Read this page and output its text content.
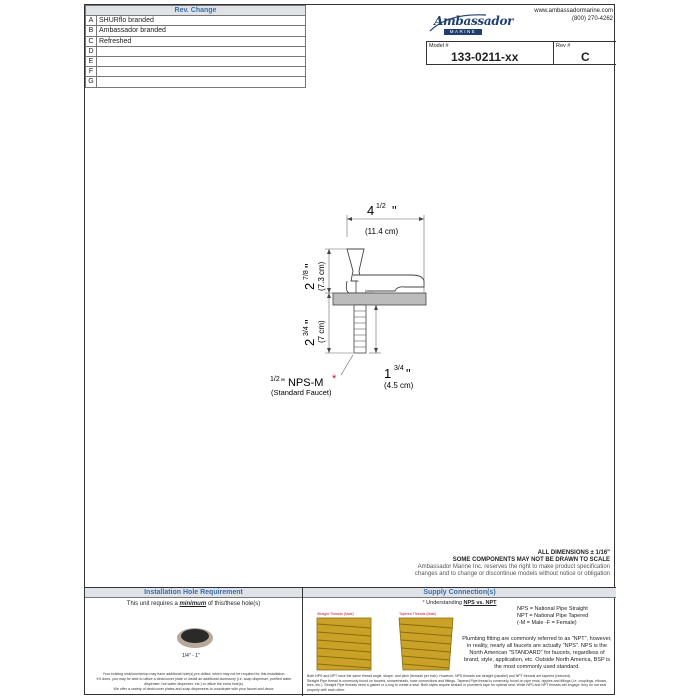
Rev. Change	
A	SHURflo branded
B	Ambassador branded
C	Refreshed
D	
E	
F	
G	
Ambassador
MARINE
www.ambassadormarine.com
(800) 270-4262
Model #
133-0211-xx
Rev #
C
4 1/2 "
(11.4 cm)
2
7/8
" (7.3 cm)
2
3/4
" (7 cm)
1 3/4 "
(4.5 cm)
1/2 " NPS-M *
(Standard Faucet)
ALL DIMENSIONS ± 1/16"
SOME COMPONENTS MAY NOT BE DRAWN TO SCALE
Ambassador Marine Inc. reserves the right to make product specification
changes and to change or discontinue models without notice or obligation
Installation Hole Requirement
This unit requires a minimum of this/these hole(s)
1/4" - 1"
Your existing sink/countertop may have additional hole(s) pre-drilled, which may not be required for this installation.
If it does, you may be able to utilize a deck/cover plate or install an additional accessory (i.e. soap dispenser, purified water dispenser, hot water dispenser, etc.) to utilize the extra hole(s).
We offer a variety of deck/cover plates and soap dispensers to coordinate with your faucet and decor.
Supply Connection(s)
* Understanding NPS vs. NPT
Straight Threads (Male)	Tapered Threads (Male)
NPS = National Pipe Straight
NPT = National Pipe Tapered
(-M = Male -F = Female)
Plumbing fitting are commonly referred to as "NPT", however, in reality, nearly all faucets are actually "NPS". NPS is the North American "STANDARD" for faucets, regardless of brand, style, application, etc. Outside North America, BSP is the most commonly used standard.
Both NPS and NPT have the same thread angle, shape, and pitch (threads per inch). However, NPS threads are straight (parallel) and NPT threads are tapered (reduced).
Straight Pipe thread is commonly found on faucets, showerheads, hose connections and fittings. Tapered Pipe thread is commonly found on pipe ends, nipples and fittings (i.e. couplings, elbows, tees, etc.). Straight Pipe threads need a gasket or o-ring to create a seal. Both styles require sealant or plumber's tape for optimal seal. While NPS and NPT threads will engage, they do not seal properly with each other.
